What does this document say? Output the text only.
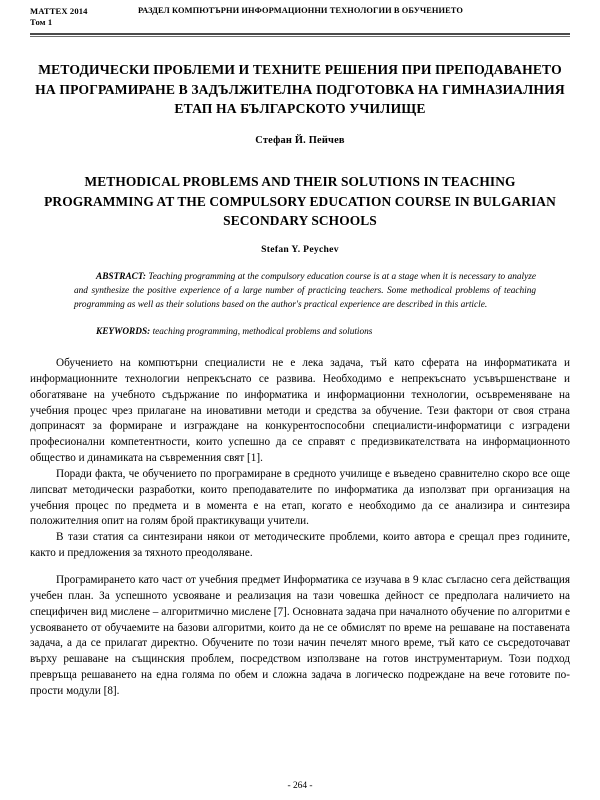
MATTEX 2014
Том 1
РАЗДЕЛ КОМПЮТЪРНИ ИНФОРМАЦИОННИ ТЕХНОЛОГИИ В ОБУЧЕНИЕТО
МЕТОДИЧЕСКИ ПРОБЛЕМИ И ТЕХНИТЕ РЕШЕНИЯ ПРИ ПРЕПОДАВАНЕТО НА ПРОГРАМИРАНЕ В ЗАДЪЛЖИТЕЛНА ПОДГОТОВКА НА ГИМНАЗИАЛНИЯ ЕТАП НА БЪЛГАРСКОТО УЧИЛИЩЕ
Стефан Й. Пейчев
METHODICAL PROBLEMS AND THEIR SOLUTIONS IN TEACHING PROGRAMMING AT THE COMPULSORY EDUCATION COURSE IN BULGARIAN SECONDARY SCHOOLS
Stefan Y. Peychev
ABSTRACT: Teaching programming at the compulsory education course is at a stage when it is necessary to analyze and synthesize the positive experience of a large number of practicing teachers. Some methodical problems of teaching programming as well as their solutions based on the author's practical experience are described in this article.
KEYWORDS: teaching programming, methodical problems and solutions

Обучението на компютърни специалисти не е лека задача, тъй като сферата на информатиката и информационните технологии непрекъснато се развива. Необходимо е непрекъснато усъвършенстване и обогатяване на учебното съдържание по информатика и информационни технологии, осъвременяване на учебния процес чрез прилагане на иновативни методи и средства за обучение. Тези фактори от своя страна допринасят за формиране и изграждане на конкурентоспособни специалисти-информатици с изградени професионални компетентности, които успешно да се справят с предизвикателствата на информационното общество и динамиката на съвременния свят [1].

Поради факта, че обучението по програмиране в средното училище е въведено сравнително скоро все още липсват методически разработки, които преподавателите по информатика да използват при организация на учебния процес по предмета и в момента е на етап, когато е необходимо да се анализира и синтезира положителния опит на голям брой практикуващи учители.

В тази статия са синтезирани някои от методическите проблеми, които автора е срещал през годините, както и предложения за тяхното преодоляване.

Програмирането като част от учебния предмет Информатика се изучава в 9 клас съгласно сега действащия учебен план. За успешното усвояване и реализация на тази човешка дейност се предполага наличието на специфичен вид мислене – алгоритмично мислене [7]. Основната задача при началното обучение по алгоритми е усвояването от обучаемите на базови алгоритми, които да не се обмислят по време на решаване на поставената задача, а да се прилагат директно. Обучените по този начин печелят много време, тъй като се съсредоточават върху решаване на същинския проблем, посредством използване на готов инструментариум. Този подход превръща решаването на една голяма по обем и сложна задача в логическо подреждане на вече готовите по-прости модули [8].

- 264 -
